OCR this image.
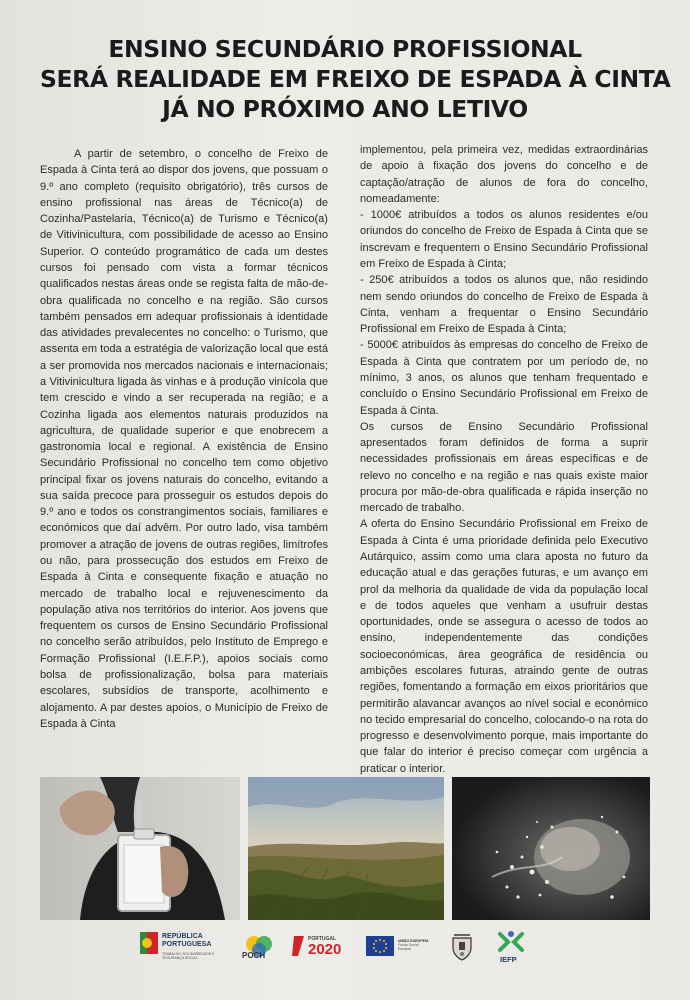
ENSINO SECUNDÁRIO PROFISSIONAL
SERÁ REALIDADE EM FREIXO DE ESPADA À CINTA
JÁ NO PRÓXIMO ANO LETIVO

A partir de setembro, o concelho de Freixo de Espada à Cinta terá ao dispor dos jovens, que possuam o 9.º ano completo (requisito obrigatório), três cursos de ensino profissional nas áreas de Técnico(a) de Cozinha/Pastelaria, Técnico(a) de Turismo e Técnico(a) de Vitivinicultura, com possibilidade de acesso ao Ensino Superior. O conteúdo programático de cada um destes cursos foi pensado com vista a formar técnicos qualificados nestas áreas onde se regista falta de mão-de-obra qualificada no concelho e na região. São cursos também pensados em adequar profissionais à identidade das atividades prevalecentes no concelho: o Turismo, que assenta em toda a estratégia de valorização local que está a ser promovida nos mercados nacionais e internacionais; a Vitivinicultura ligada às vinhas e à produção vinícola que tem crescido e vindo a ser recuperada na região; e a Cozinha ligada aos elementos naturais produzidos na agricultura, de qualidade superior e que enobrecem a gastronomia local e regional. A existência de Ensino Secundário Profissional no concelho tem como objetivo principal fixar os jovens naturais do concelho, evitando a sua saída precoce para prosseguir os estudos depois do 9.º ano e todos os constrangimentos sociais, familiares e económicos que daí advêm. Por outro lado, visa também promover a atração de jovens de outras regiões, limítrofes ou não, para prossecução dos estudos em Freixo de Espada à Cinta e consequente fixação e atuação no mercado de trabalho local e rejuvenescimento da população ativa nos territórios do interior. Aos jovens que frequentem os cursos de Ensino Secundário Profissional no concelho serão atribuídos, pelo Instituto de Emprego e Formação Profissional (I.E.F.P.), apoios sociais como bolsa de profissionalização, bolsa para materiais escolares, subsídios de transporte, acolhimento e alojamento. A par destes apoios, o Município de Freixo de Espada à Cinta

implementou, pela primeira vez, medidas extraordinárias de apoio à fixação dos jovens do concelho e de captação/atração de alunos de fora do concelho, nomeadamente:

- 1000€ atribuídos a todos os alunos residentes e/ou oriundos do concelho de Freixo de Espada à Cinta que se inscrevam e frequentem o Ensino Secundário Profissional em Freixo de Espada à Cinta;

- 250€ atribuídos a todos os alunos que, não residindo nem sendo oriundos do concelho de Freixo de Espada à Cinta, venham a frequentar o Ensino Secundário Profissional em Freixo de Espada à Cinta;

- 5000€ atribuídos às empresas do concelho de Freixo de Espada à Cinta que contratem por um período de, no mínimo, 3 anos, os alunos que tenham frequentado e concluído o Ensino Secundário Profissional em Freixo de Espada à Cinta.

Os cursos de Ensino Secundário Profissional apresentados foram definidos de forma a suprir necessidades profissionais em áreas específicas e de relevo no concelho e na região e nas quais existe maior procura por mão-de-obra qualificada e rápida inserção no mercado de trabalho.

A oferta do Ensino Secundário Profissional em Freixo de Espada à Cinta é uma prioridade definida pelo Executivo Autárquico, assim como uma clara aposta no futuro da educação atual e das gerações futuras, e um avanço em prol da melhoria da qualidade de vida da população local e de todos aqueles que venham a usufruir destas oportunidades, onde se assegura o acesso de todos ao ensino, independentemente das condições socioeconómicas, área geográfica de residência ou ambições escolares futuras, atraindo gente de outras regiões, fomentando a formação em eixos prioritários que permitirão alavancar avanços ao nível social e económico no tecido empresarial do concelho, colocando-o na rota do progresso e desenvolvimento porque, mais importante do que falar do interior é preciso começar com urgência a praticar o interior.

REPÚBLICA
PORTUGUESA
TRABALHO, SOLIDARIEDADE E SEGURANÇA SOCIAL	POCH
PORTUGAL
2020	UNIÃO EUROPEIA
Fundo Social Europeu
IEFP
